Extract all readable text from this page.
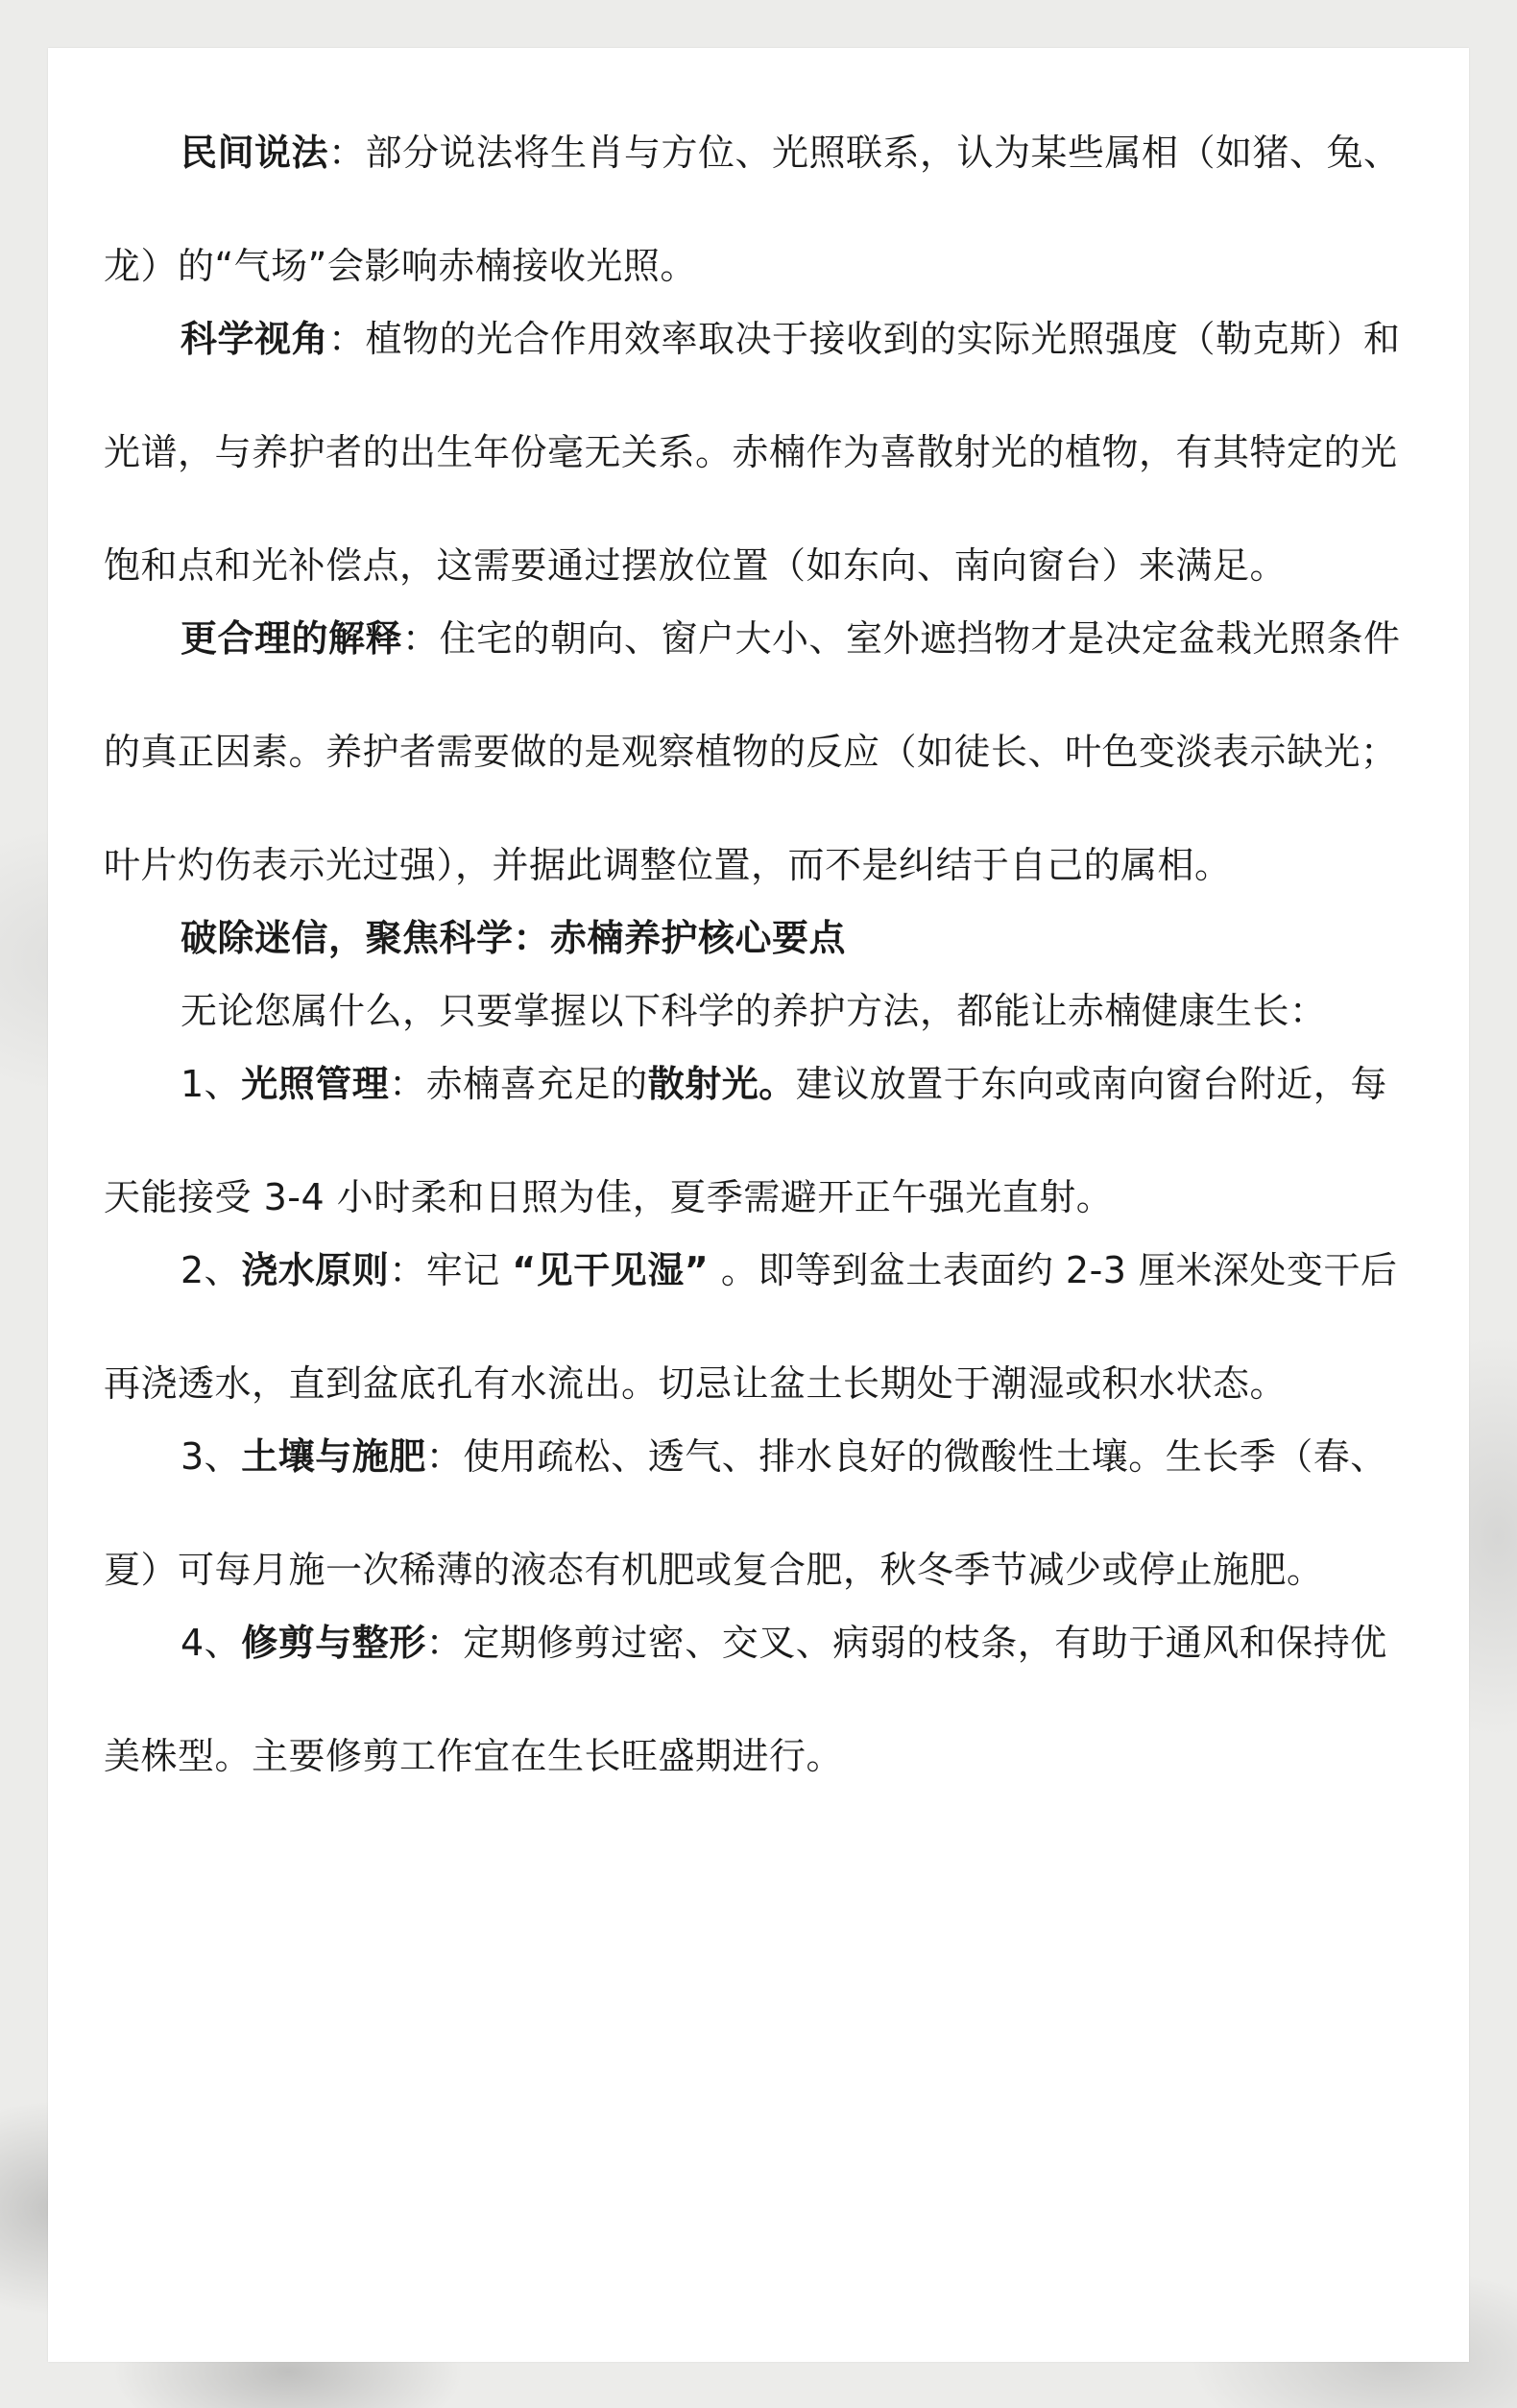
民间说法：部分说法将生肖与方位、光照联系，认为某些属相（如猪、兔、龙）的“气场”会影响赤楠接收光照。

科学视角：植物的光合作用效率取决于接收到的实际光照强度（勒克斯）和光谱，与养护者的出生年份毫无关系。赤楠作为喜散射光的植物，有其特定的光饱和点和光补偿点，这需要通过摆放位置（如东向、南向窗台）来满足。

更合理的解释：住宅的朝向、窗户大小、室外遮挡物才是决定盆栽光照条件的真正因素。养护者需要做的是观察植物的反应（如徒长、叶色变淡表示缺光；叶片灼伤表示光过强），并据此调整位置，而不是纠结于自己的属相。

破除迷信，聚焦科学：赤楠养护核心要点

无论您属什么，只要掌握以下科学的养护方法，都能让赤楠健康生长：

1、光照管理：赤楠喜充足的散射光。建议放置于东向或南向窗台附近，每天能接受 3-4 小时柔和日照为佳，夏季需避开正午强光直射。

2、浇水原则：牢记 “见干见湿” 。即等到盆土表面约 2-3 厘米深处变干后再浇透水，直到盆底孔有水流出。切忌让盆土长期处于潮湿或积水状态。

3、土壤与施肥：使用疏松、透气、排水良好的微酸性土壤。生长季（春、夏）可每月施一次稀薄的液态有机肥或复合肥，秋冬季节减少或停止施肥。

4、修剪与整形：定期修剪过密、交叉、病弱的枝条，有助于通风和保持优美株型。主要修剪工作宜在生长旺盛期进行。
